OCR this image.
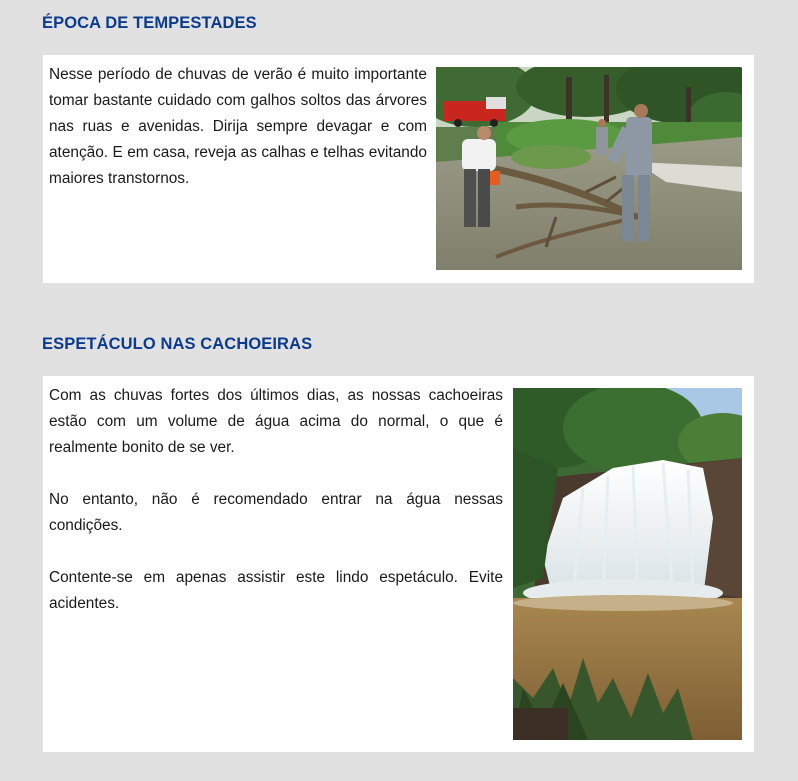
ÉPOCA DE TEMPESTADES

Nesse período de chuvas de verão é muito importante tomar bastante cuidado com galhos soltos das árvores nas ruas e avenidas. Dirija sempre devagar e com atenção. E em casa, reveja as calhas e telhas evitando maiores transtornos.

ESPETÁCULO NAS CACHOEIRAS

Com as chuvas fortes dos últimos dias, as nossas cachoeiras estão com um volume de água acima do normal, o que é realmente bonito de se ver.

No entanto, não é recomendado entrar na água nessas condições.

Contente-se em apenas assistir este lindo espetáculo. Evite acidentes.
